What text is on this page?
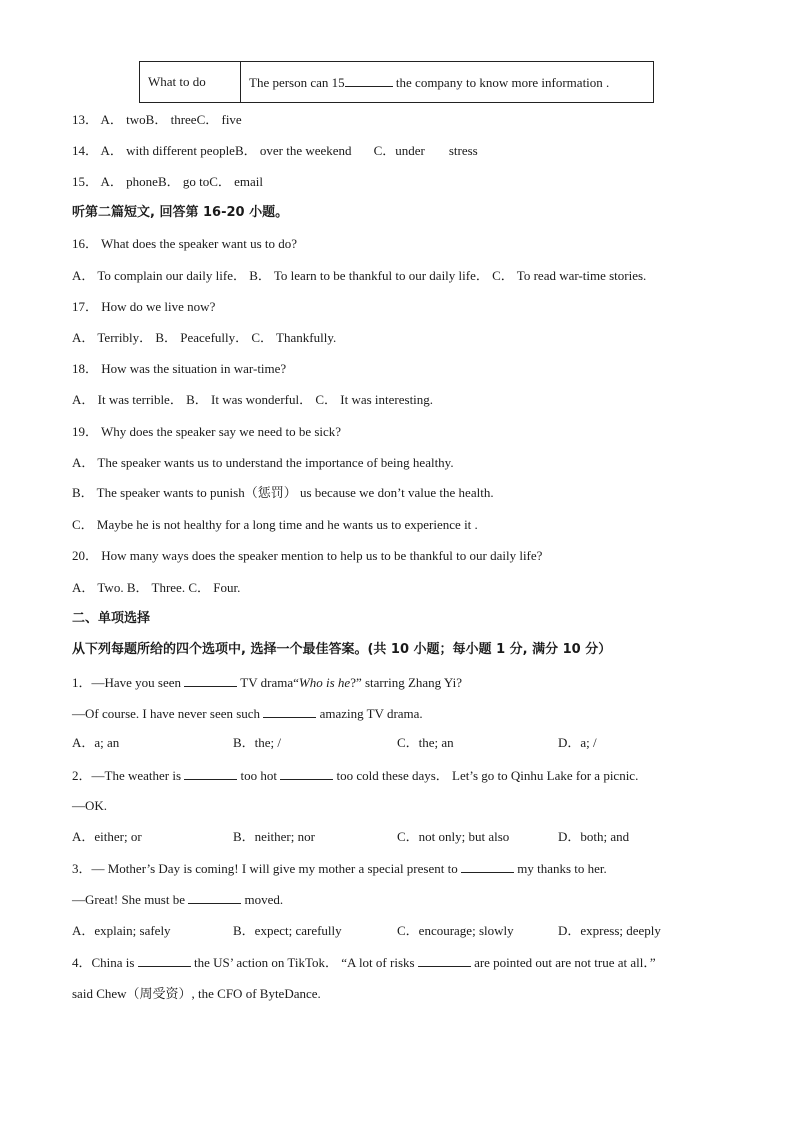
What to do	The person can 15	the company to know more information .
13． A． twoB． threeC． five
14． A． with different peopleB． over the weekend C．under stress
15． A． phoneB． go toC． email
听第二篇短文, 回答第 16-20 小题。
16． What does the speaker want us to do?
A． To complain our daily life． B． To learn to be thankful to our daily life． C． To read war-time stories.
17． How do we live now?
A． Terribly． B． Peacefully． C． Thankfully.
18． How was the situation in war-time?
A． It was terrible． B． It was wonderful． C． It was interesting.
19． Why does the speaker say we need to be sick?
A． The speaker wants us to understand the importance of being healthy.
B． The speaker wants to punish（惩罚） us because we don’t value the health.
C． Maybe he is not healthy for a long time and he wants us to experience it .
20． How many ways does the speaker mention to help us to be thankful to our daily life?
A． Two. B． Three. C． Four.
二、单项选择
从下列每题所给的四个选项中, 选择一个最佳答案。(共 10 小题；每小题 1 分, 满分 10 分）
1．—Have you seen	TV drama“Who is he?” starring Zhang Yi?
—Of course. I have never seen such	amazing TV drama.
A．a; an	B．the; /	C．the; an	D．a; /
2．—The weather is	too hot	too cold these days． Let’s go to Qinhu Lake for a picnic.
—OK.
A．either; or	B．neither; nor	C．not only; but also	D．both; and
3．— Mother’s Day is coming! I will give my mother a special present to	my thanks to her.
—Great! She must be	moved.
A．explain; safely	B．expect; carefully	C．encourage; slowly	D．express; deeply
4．China is	the US’ action on TikTok． “A lot of risks	are pointed out are not true at all．”
said Chew（周受资）, the CFO of ByteDance.
